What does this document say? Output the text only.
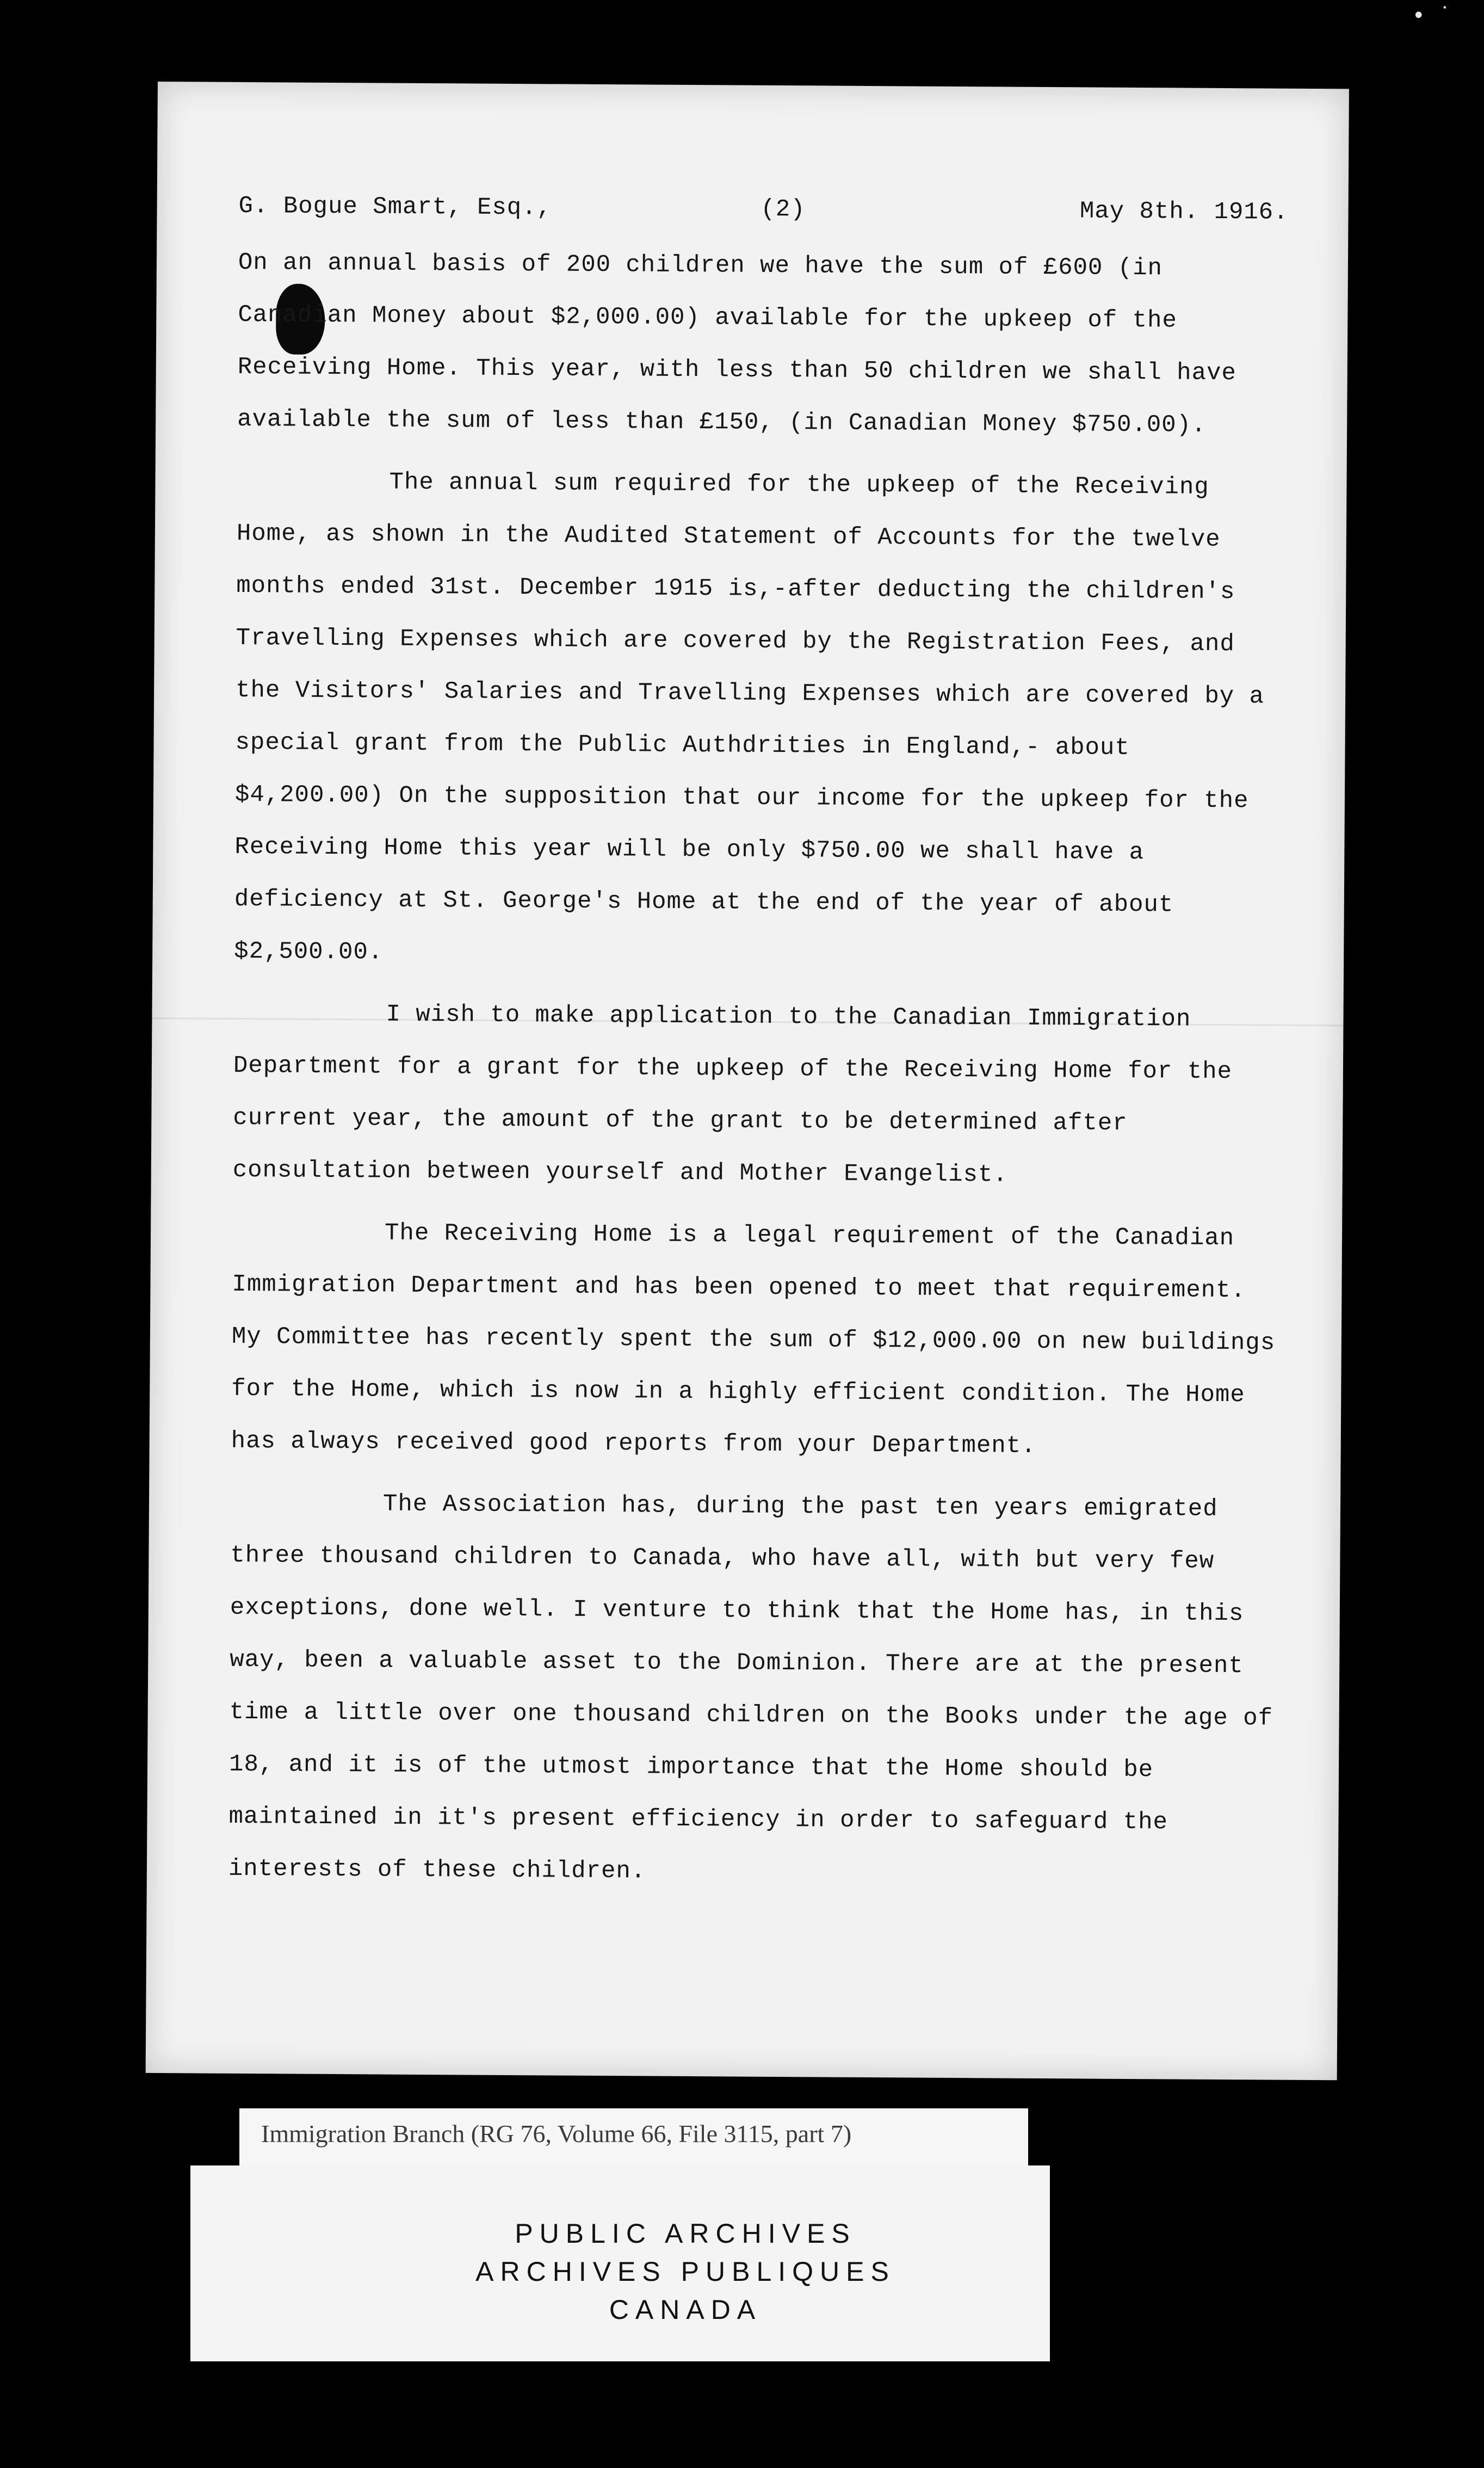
• ˙
G. Bogue Smart, Esq.,	(2)	May 8th. 1916.

On an annual basis of 200 children we have the sum of £600 (in Canadian Money about $2,000.00) available for the upkeep of the Receiving Home. This year, with less than 50 children we shall have available the sum of less than £150, (in Canadian Money $750.00).

The annual sum required for the upkeep of the Receiving Home, as shown in the Audited Statement of Accounts for the twelve months ended 31st. December 1915 is,-after deducting the children's Travelling Expenses which are covered by the Registration Fees, and the Visitors' Salaries and Travelling Expenses which are covered by a special grant from the Public Authdrities in England,- about $4,200.00) On the supposition that our income for the upkeep for the Receiving Home this year will be only $750.00 we shall have a deficiency at St. George's Home at the end of the year of about $2,500.00.

I wish to make application to the Canadian Immigration Department for a grant for the upkeep of the Receiving Home for the current year, the amount of the grant to be determined after consultation between yourself and Mother Evangelist.

The Receiving Home is a legal requirement of the Canadian Immigration Department and has been opened to meet that requirement. My Committee has recently spent the sum of $12,000.00 on new buildings for the Home, which is now in a highly efficient condition. The Home has always received good reports from your Department.

The Association has, during the past ten years emigrated three thousand children to Canada, who have all, with but very few exceptions, done well. I venture to think that the Home has, in this way, been a valuable asset to the Dominion. There are at the present time a little over one thousand children on the Books under the age of 18, and it is of the utmost importance that the Home should be maintained in it's present efficiency in order to safeguard the interests of these children.

Immigration Branch (RG 76, Volume 66, File 3115, part 7)
PUBLIC ARCHIVES
ARCHIVES PUBLIQUES
CANADA
